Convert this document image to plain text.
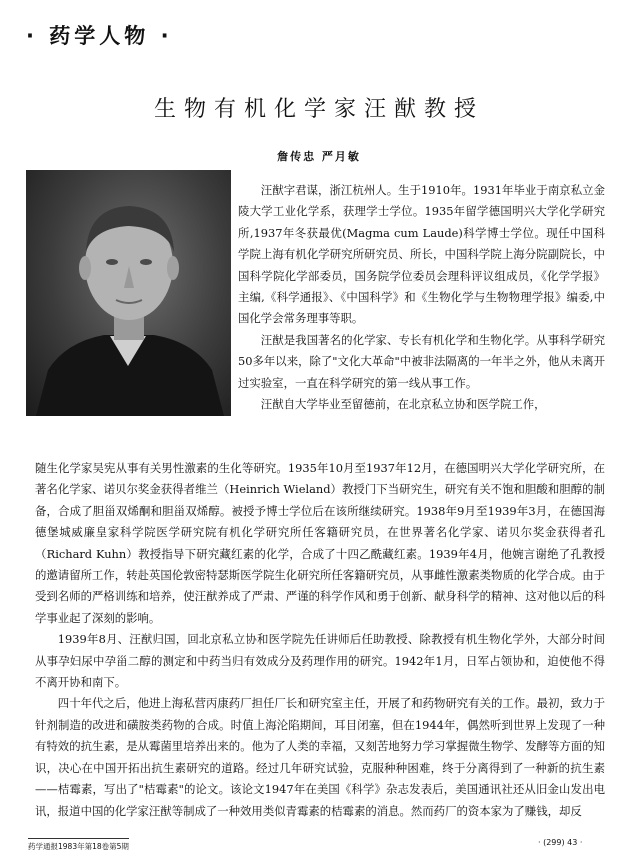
· 药学人物 ·
生物有机化学家汪猷教授
詹传忠 严月敏

汪猷字君谋，浙江杭州人。生于1910年。1931年毕业于南京私立金陵大学工业化学系，获理学士学位。1935年留学德国明兴大学化学研究所,1937年冬获最优(Magma cum Laude)科学博士学位。现任中国科学院上海有机化学研究所研究员、所长，中国科学院上海分院副院长，中国科学院化学部委员，国务院学位委员会理科评议组成员，《化学学报》主编,《科学通报》、《中国科学》和《生物化学与生物物理学报》编委,中国化学会常务理事等职。

汪猷是我国著名的化学家、专长有机化学和生物化学。从事科学研究50多年以来，除了"文化大革命"中被非法隔离的一年半之外，他从未离开过实验室，一直在科学研究的第一线从事工作。

汪猷自大学毕业至留德前，在北京私立协和医学院工作，

随生化学家吴宪从事有关男性激素的生化等研究。1935年10月至1937年12月，在德国明兴大学化学研究所，在著名化学家、诺贝尔奖金获得者维兰（Heinrich Wieland）教授门下当研究生，研究有关不饱和胆酸和胆醇的制备，合成了胆甾双烯酮和胆甾双烯醇。被授予博士学位后在该所继续研究。1938年9月至1939年3月，在德国海德堡城威廉皇家科学院医学研究院有机化学研究所任客籍研究员，在世界著名化学家、诺贝尔奖金获得者孔（Richard Kuhn）教授指导下研究藏红素的化学，合成了十四乙酰藏红素。1939年4月，他婉言谢绝了孔教授的邀请留所工作，转赴英国伦敦密特瑟斯医学院生化研究所任客籍研究员，从事雌性激素类物质的化学合成。由于受到名师的严格训练和培养，使汪猷养成了严肃、严谨的科学作风和勇于创新、献身科学的精神、这对他以后的科学事业起了深刻的影响。

1939年8月、汪猷归国，回北京私立协和医学院先任讲师后任助教授、除教授有机生物化学外，大部分时间从事孕妇尿中孕甾二醇的测定和中药当归有效成分及药理作用的研究。1942年1月，日军占领协和，迫使他不得不离开协和南下。

四十年代之后，他进上海私营丙康药厂担任厂长和研究室主任，开展了和药物研究有关的工作。最初，致力于针剂制造的改进和磺胺类药物的合成。时值上海沦陷期间，耳目闭塞，但在1944年，偶然听到世界上发现了一种有特效的抗生素，是从霉菌里培养出来的。他为了人类的幸福，又刻苦地努力学习掌握微生物学、发酵等方面的知识，决心在中国开拓出抗生素研究的道路。经过几年研究试验，克服种种困难，终于分离得到了一种新的抗生素——桔霉素，写出了"桔霉素"的论文。该论文1947年在美国《科学》杂志发表后，美国通讯社还从旧金山发出电讯，报道中国的化学家汪猷等制成了一种效用类似青霉素的桔霉素的消息。然而药厂的资本家为了赚钱，却反

药学通报1983年第18卷第5期	· (299) 43 ·
